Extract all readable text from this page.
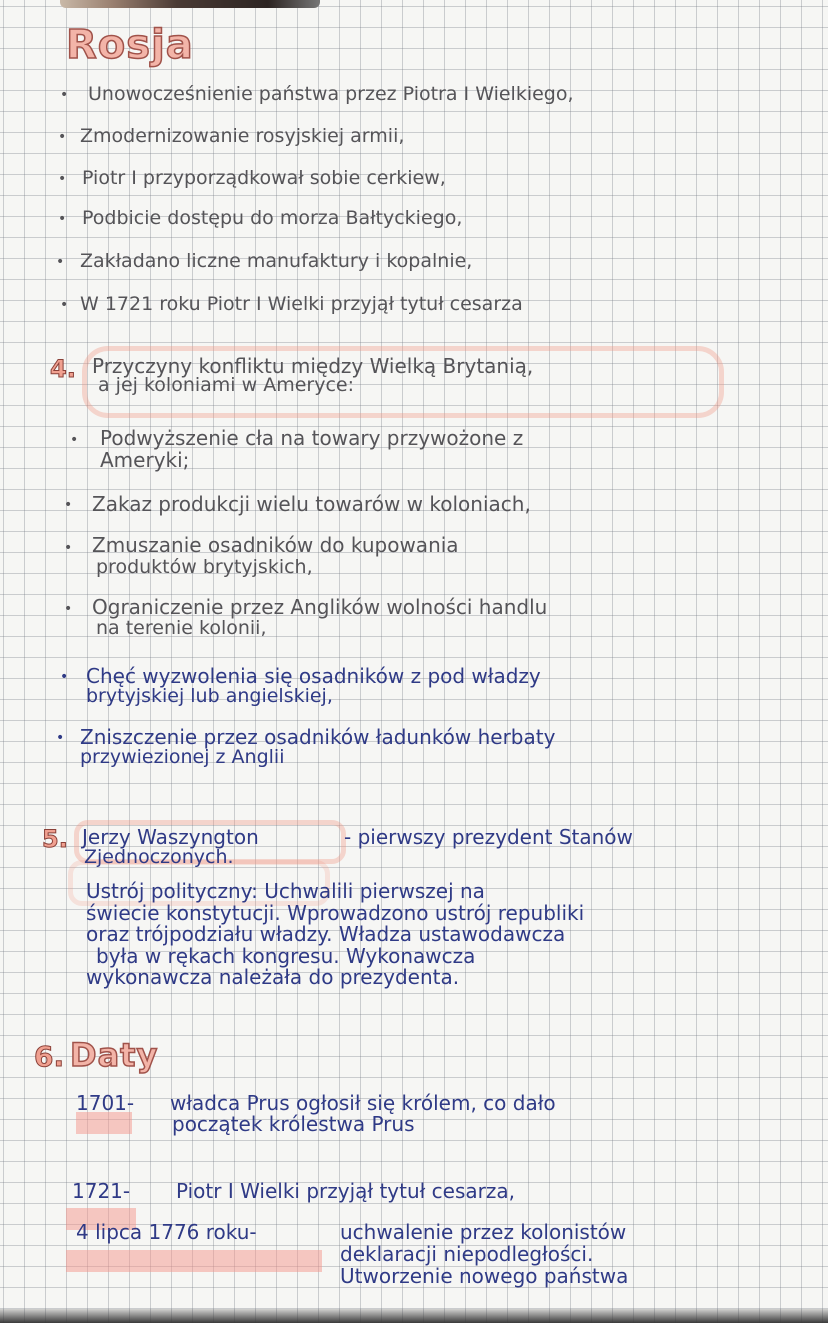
Rosja
• Unowocześnienie państwa przez Piotra I Wielkiego,
• Zmodernizowanie rosyjskiej armii,
• Piotr I przyporządkował sobie cerkiew,
• Podbicie dostępu do morza Bałtyckiego,
• Zakładano liczne manufaktury i kopalnie,
• W 1721 roku Piotr I Wielki przyjął tytuł cesarza
4. Przyczyny konfliktu między Wielką Brytanią,
a jej koloniami w Ameryce:
• Podwyższenie cła na towary przywożone z
Ameryki;
• Zakaz produkcji wielu towarów w koloniach,
• Zmuszanie osadników do kupowania
produktów brytyjskich,
• Ograniczenie przez Anglików wolności handlu
na terenie kolonii,
• Chęć wyzwolenia się osadników z pod władzy
brytyjskiej lub angielskiej,
• Zniszczenie przez osadników ładunków herbaty
przywiezionej z Anglii
5. Jerzy Waszyngton	- pierwszy prezydent Stanów
Zjednoczonych.
Ustrój polityczny: Uchwalili pierwszej na
świecie konstytucji. Wprowadzono ustrój republiki
oraz trójpodziału władzy. Władza ustawodawcza
była w rękach kongresu. Wykonawcza
wykonawcza należała do prezydenta.
6. Daty
1701- władca Prus ogłosił się królem, co dało
początek królestwa Prus
1721- Piotr I Wielki przyjął tytuł cesarza,
4 lipca 1776 roku-	uchwalenie przez kolonistów
deklaracji niepodległości.
Utworzenie nowego państwa
